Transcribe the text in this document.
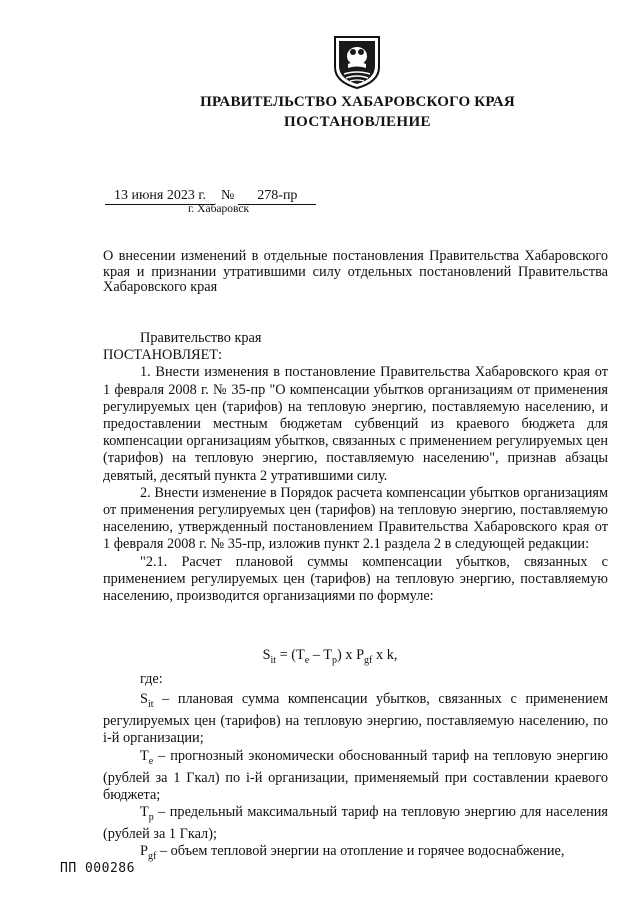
ПРАВИТЕЛЬСТВО ХАБАРОВСКОГО КРАЯ
ПОСТАНОВЛЕНИЕ
13 июня 2023 г. № 278-пр
г. Хабаровск
О внесении изменений в отдельные постановления Правительства Хабаровского края и признании утратившими силу отдельных постановлений Правительства Хабаровского края

Правительство края

ПОСТАНОВЛЯЕТ:

1. Внести изменения в постановление Правительства Хабаровского края от 1 февраля 2008 г. № 35-пр "О компенсации убытков организациям от применения регулируемых цен (тарифов) на тепловую энергию, поставляемую населению, и предоставлении местным бюджетам субвенций из краевого бюджета для компенсации организациям убытков, связанных с применением регулируемых цен (тарифов) на тепловую энергию, поставляемую населению", признав абзацы девятый, десятый пункта 2 утратившими силу.

2. Внести изменение в Порядок расчета компенсации убытков организациям от применения регулируемых цен (тарифов) на тепловую энергию, поставляемую населению, утвержденный постановлением Правительства Хабаровского края от 1 февраля 2008 г. № 35-пр, изложив пункт 2.1 раздела 2 в следующей редакции:

"2.1. Расчет плановой суммы компенсации убытков, связанных с применением регулируемых цен (тарифов) на тепловую энергию, поставляемую населению, производится организациями по формуле:

$S_{it} = (T_e - T_p)$ x $P_{gf}$ x k,

где:

$S_{it}$ – плановая сумма компенсации убытков, связанных с применением регулируемых цен (тарифов) на тепловую энергию, поставляемую населению, по i-й организации;

$T_e$ – прогнозный экономически обоснованный тариф на тепловую энергию (рублей за 1 Гкал) по i-й организации, применяемый при составлении краевого бюджета;

$T_p$ – предельный максимальный тариф на тепловую энергию для населения (рублей за 1 Гкал);

$P_{gf}$ – объем тепловой энергии на отопление и горячее водоснабжение,

ПП 000286
